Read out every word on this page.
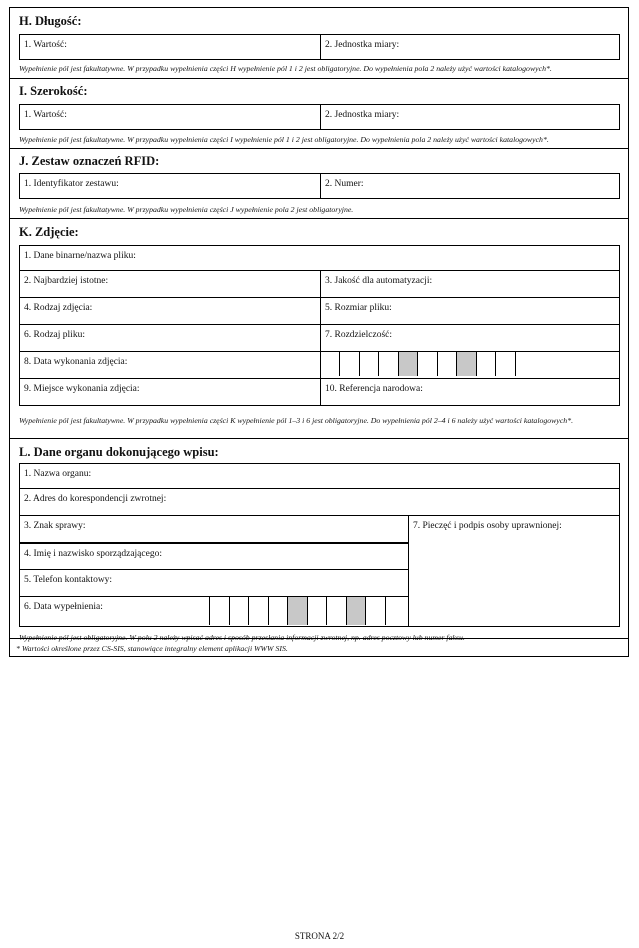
H. Długość:
1. Wartość:	2. Jednostka miary:
Wypełnienie pól jest fakultatywne. W przypadku wypełnienia części H wypełnienie pól 1 i 2 jest obligatoryjne. Do wypełnienia pola 2 należy użyć wartości katalogowych*.
I. Szerokość:
1. Wartość:	2. Jednostka miary:
Wypełnienie pól jest fakultatywne. W przypadku wypełnienia części I wypełnienie pól 1 i 2 jest obligatoryjne. Do wypełnienia pola 2 należy użyć wartości katalogowych*.
J. Zestaw oznaczeń RFID:
1. Identyfikator zestawu:	2. Numer:
Wypełnienie pól jest fakultatywne. W przypadku wypełnienia części J wypełnienie pola 2 jest obligatoryjne.
K. Zdjęcie:
1. Dane binarne/nazwa pliku:
2. Najbardziej istotne:	3. Jakość dla automatyzacji:
4. Rodzaj zdjęcia:	5. Rozmiar pliku:
6. Rodzaj pliku:	7. Rozdzielczość:
8. Data wykonania zdjęcia:
9. Miejsce wykonania zdjęcia:	10. Referencja narodowa:
Wypełnienie pól jest fakultatywne. W przypadku wypełnienia części K wypełnienie pól 1–3 i 6 jest obligatoryjne. Do wypełnienia pól 2–4 i 6 należy użyć wartości katalogowych*.
L. Dane organu dokonującego wpisu:
1. Nazwa organu:
2. Adres do korespondencji zwrotnej:
3. Znak sprawy:
4. Imię i nazwisko sporządzającego:
5. Telefon kontaktowy:
6. Data wypełnienia:
7. Pieczęć i podpis osoby uprawnionej:
Wypełnienie pól jest obligatoryjne. W polu 2 należy wpisać adres i sposób przesłania informacji zwrotnej, np. adres pocztowy lub numer faksu.
* Wartości określone przez CS-SIS, stanowiące integralny element aplikacji WWW SIS.
STRONA 2/2
